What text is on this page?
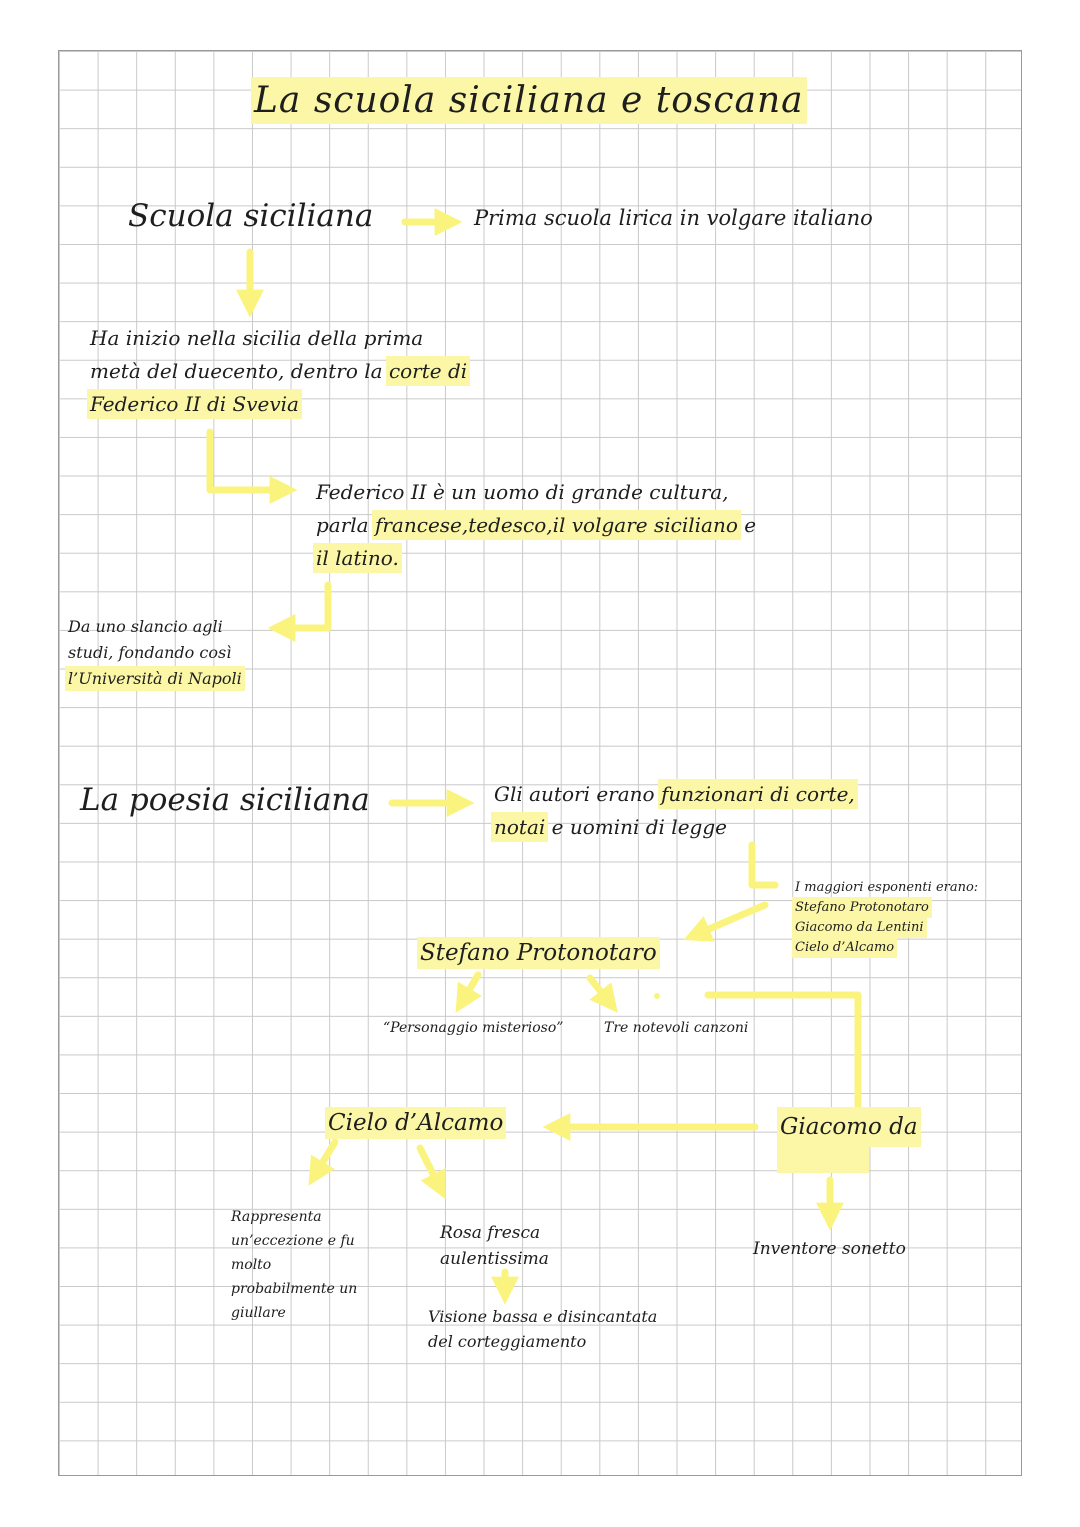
La scuola siciliana e toscana

Scuola siciliana	Prima scuola lirica in volgare italiano

Ha inizio nella sicilia della prima
metà del duecento, dentro la corte di
Federico II di Svevia
Federico II è un uomo di grande cultura,
parla francese,tedesco,il volgare siciliano e
il latino.
Da uno slancio agli
studi, fondando così
l’Università di Napoli

La poesia siciliana	Gli autori erano funzionari di corte,
notai e uomini di legge
I maggiori esponenti erano:
Stefano Protonotaro
Giacomo da Lentini
Cielo d’Alcamo

Stefano Protonotaro

“Personaggio misterioso”	Tre notevoli canzoni

Giacomo da

Inventore sonetto

Cielo d’Alcamo

Rappresenta
un’eccezione e fu
molto
probabilmente un
giullare
Rosa fresca
aulentissima
Visione bassa e disincantata
del corteggiamento
